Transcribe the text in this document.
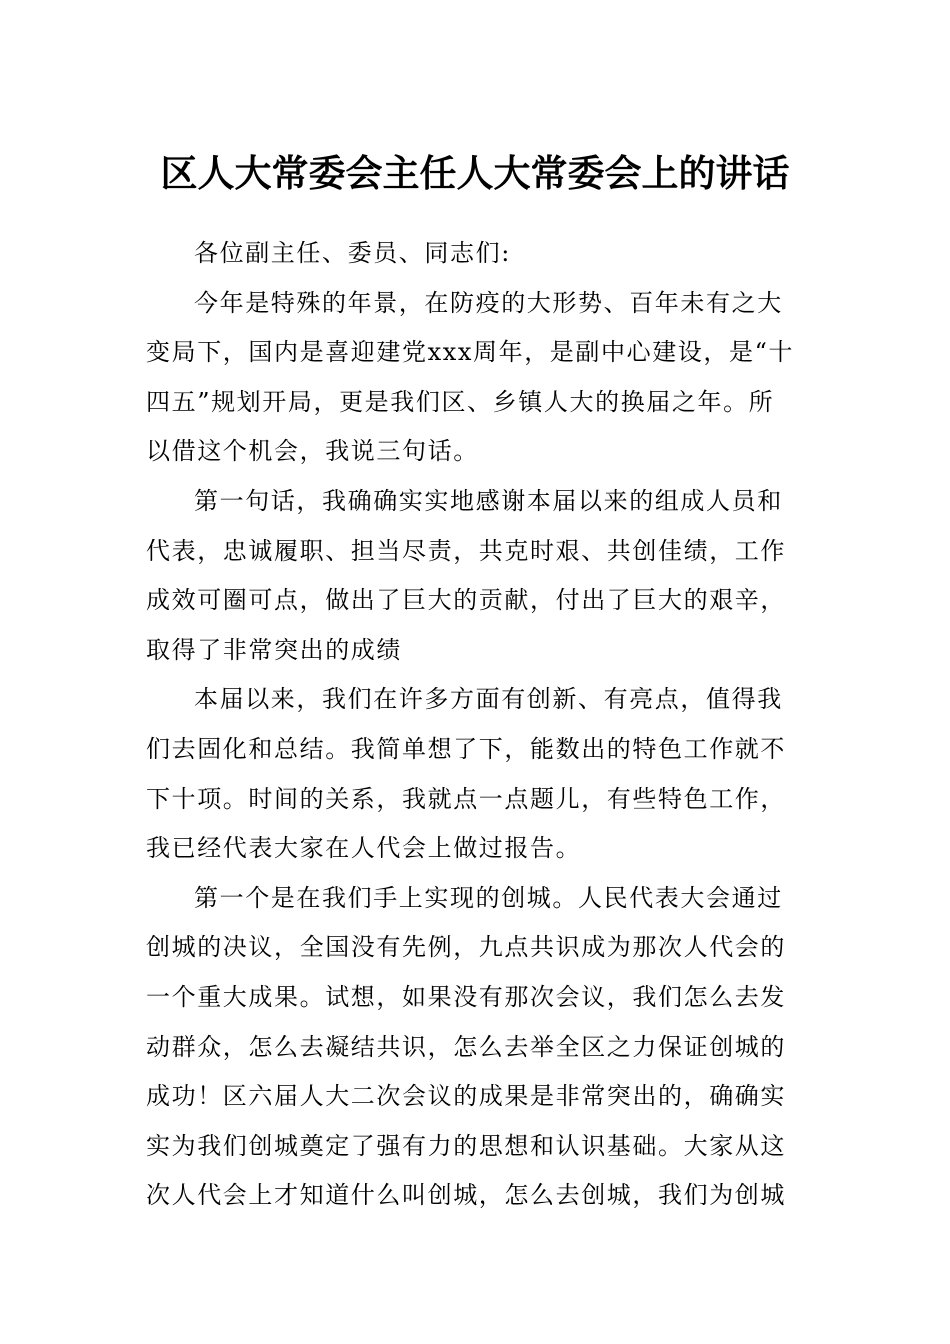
区人大常委会主任人大常委会上的讲话

各位副主任、委员、同志们:

今年是特殊的年景，在防疫的大形势、百年未有之大
变局下，国内是喜迎建党xxx周年，是副中心建设，是“十
四五”规划开局，更是我们区、乡镇人大的换届之年。所
以借这个机会，我说三句话。

第一句话，我确确实实地感谢本届以来的组成人员和
代表，忠诚履职、担当尽责，共克时艰、共创佳绩，工作
成效可圈可点，做出了巨大的贡献，付出了巨大的艰辛，
取得了非常突出的成绩

本届以来，我们在许多方面有创新、有亮点，值得我
们去固化和总结。我简单想了下，能数出的特色工作就不
下十项。时间的关系，我就点一点题儿，有些特色工作，
我已经代表大家在人代会上做过报告。

第一个是在我们手上实现的创城。人民代表大会通过
创城的决议，全国没有先例，九点共识成为那次人代会的
一个重大成果。试想，如果没有那次会议，我们怎么去发
动群众，怎么去凝结共识，怎么去举全区之力保证创城的
成功！区六届人大二次会议的成果是非常突出的，确确实
实为我们创城奠定了强有力的思想和认识基础。大家从这
次人代会上才知道什么叫创城，怎么去创城，我们为创城
